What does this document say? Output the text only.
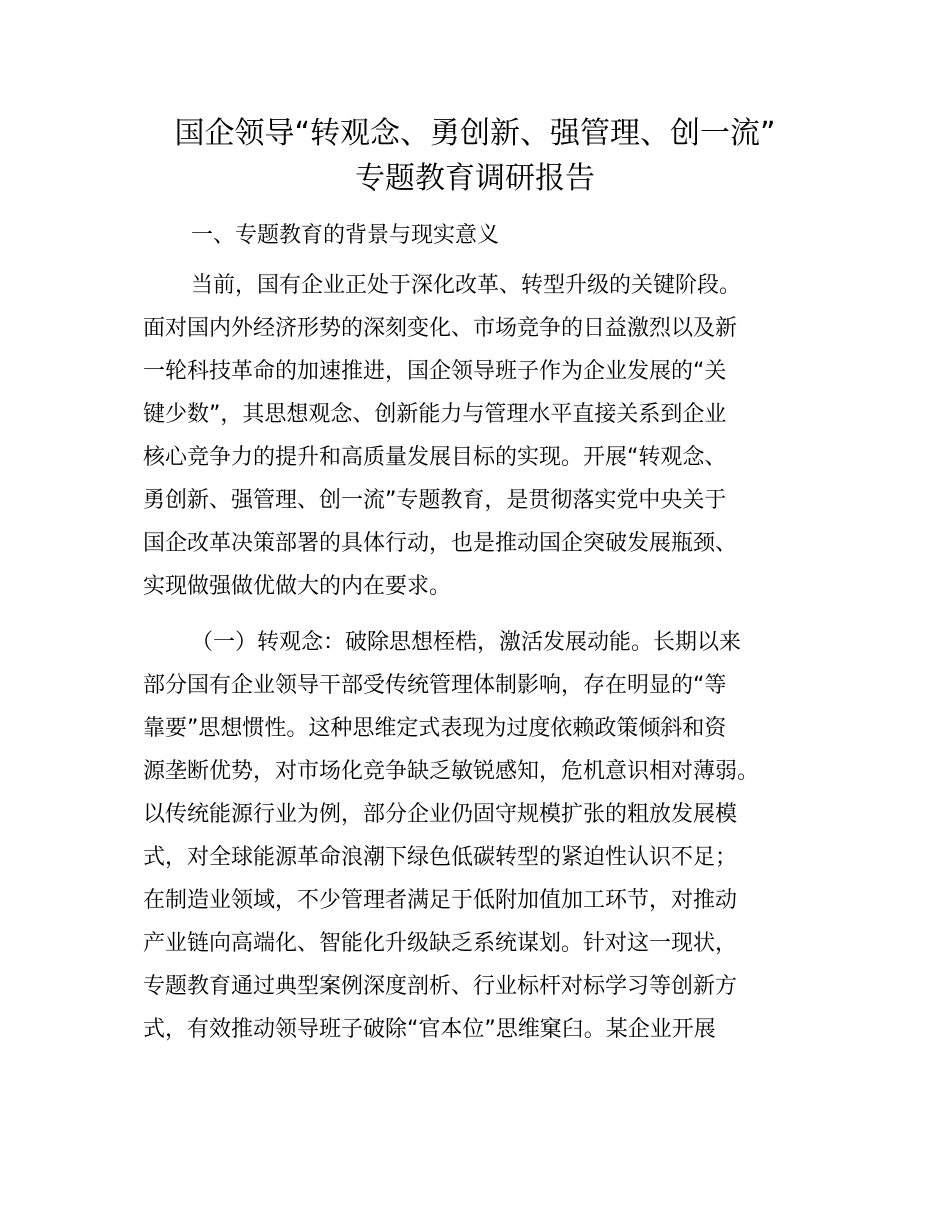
国企领导“转观念、勇创新、强管理、创一流”
专题教育调研报告

一、专题教育的背景与现实意义

当前，国有企业正处于深化改革、转型升级的关键阶段。

面对国内外经济形势的深刻变化、市场竞争的日益激烈以及新

一轮科技革命的加速推进，国企领导班子作为企业发展的“关

键少数”，其思想观念、创新能力与管理水平直接关系到企业

核心竞争力的提升和高质量发展目标的实现。开展“转观念、

勇创新、强管理、创一流”专题教育，是贯彻落实党中央关于

国企改革决策部署的具体行动，也是推动国企突破发展瓶颈、

实现做强做优做大的内在要求。

（一）转观念：破除思想桎梏，激活发展动能。长期以来

部分国有企业领导干部受传统管理体制影响，存在明显的“等

靠要”思想惯性。这种思维定式表现为过度依赖政策倾斜和资

源垄断优势，对市场化竞争缺乏敏锐感知，危机意识相对薄弱。

以传统能源行业为例，部分企业仍固守规模扩张的粗放发展模

式，对全球能源革命浪潮下绿色低碳转型的紧迫性认识不足；

在制造业领域，不少管理者满足于低附加值加工环节，对推动

产业链向高端化、智能化升级缺乏系统谋划。针对这一现状，

专题教育通过典型案例深度剖析、行业标杆对标学习等创新方

式，有效推动领导班子破除“官本位”思维窠臼。某企业开展
